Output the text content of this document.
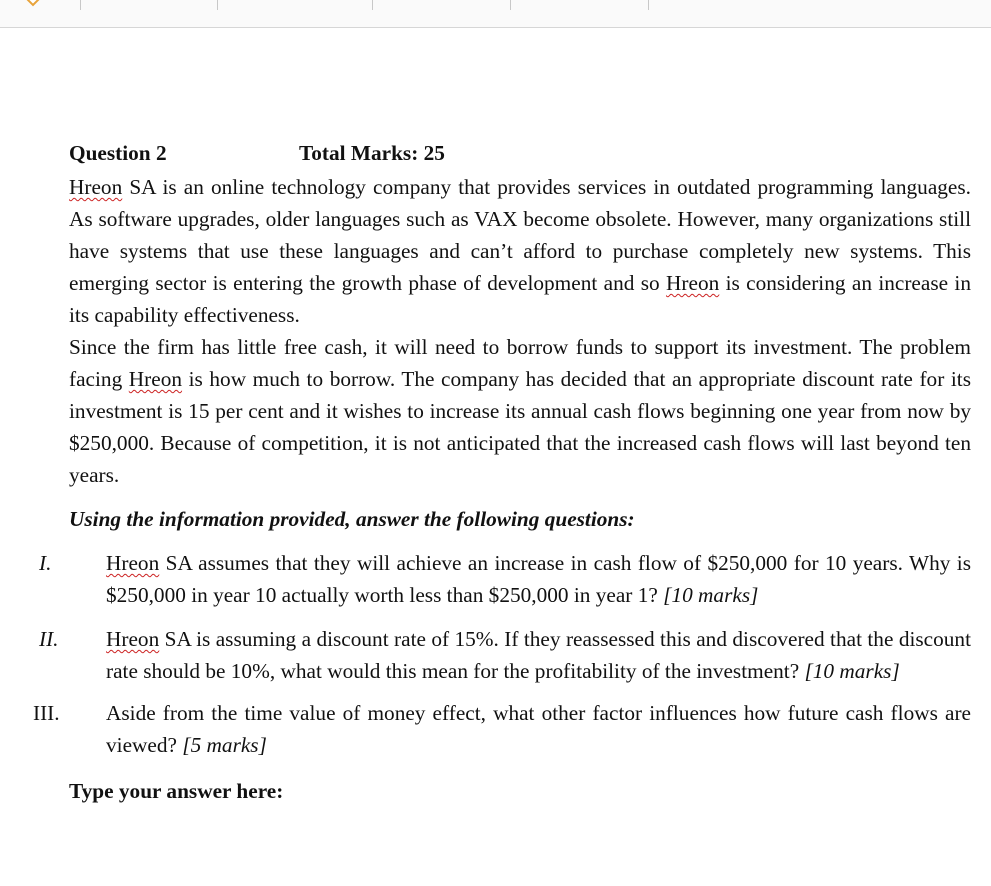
Question 2	Total Marks: 25

Hreon SA is an online technology company that provides services in outdated programming languages. As software upgrades, older languages such as VAX become obsolete. However, many organizations still have systems that use these languages and can’t afford to purchase completely new systems. This emerging sector is entering the growth phase of development and so Hreon is considering an increase in its capability effectiveness.

Since the firm has little free cash, it will need to borrow funds to support its investment. The problem facing Hreon is how much to borrow. The company has decided that an appropriate discount rate for its investment is 15 per cent and it wishes to increase its annual cash flows beginning one year from now by $250,000. Because of competition, it is not anticipated that the increased cash flows will last beyond ten years.

Using the information provided, answer the following questions:
I.	Hreon SA assumes that they will achieve an increase in cash flow of $250,000 for 10 years. Why is $250,000 in year 10 actually worth less than $250,000 in year 1? [10 marks]
II. Hreon SA is assuming a discount rate of 15%. If they reassessed this and discovered that the discount rate should be 10%, what would this mean for the profitability of the investment? [10 marks]
III. Aside from the time value of money effect, what other factor influences how future cash flows are viewed? [5 marks]
Type your answer here:
